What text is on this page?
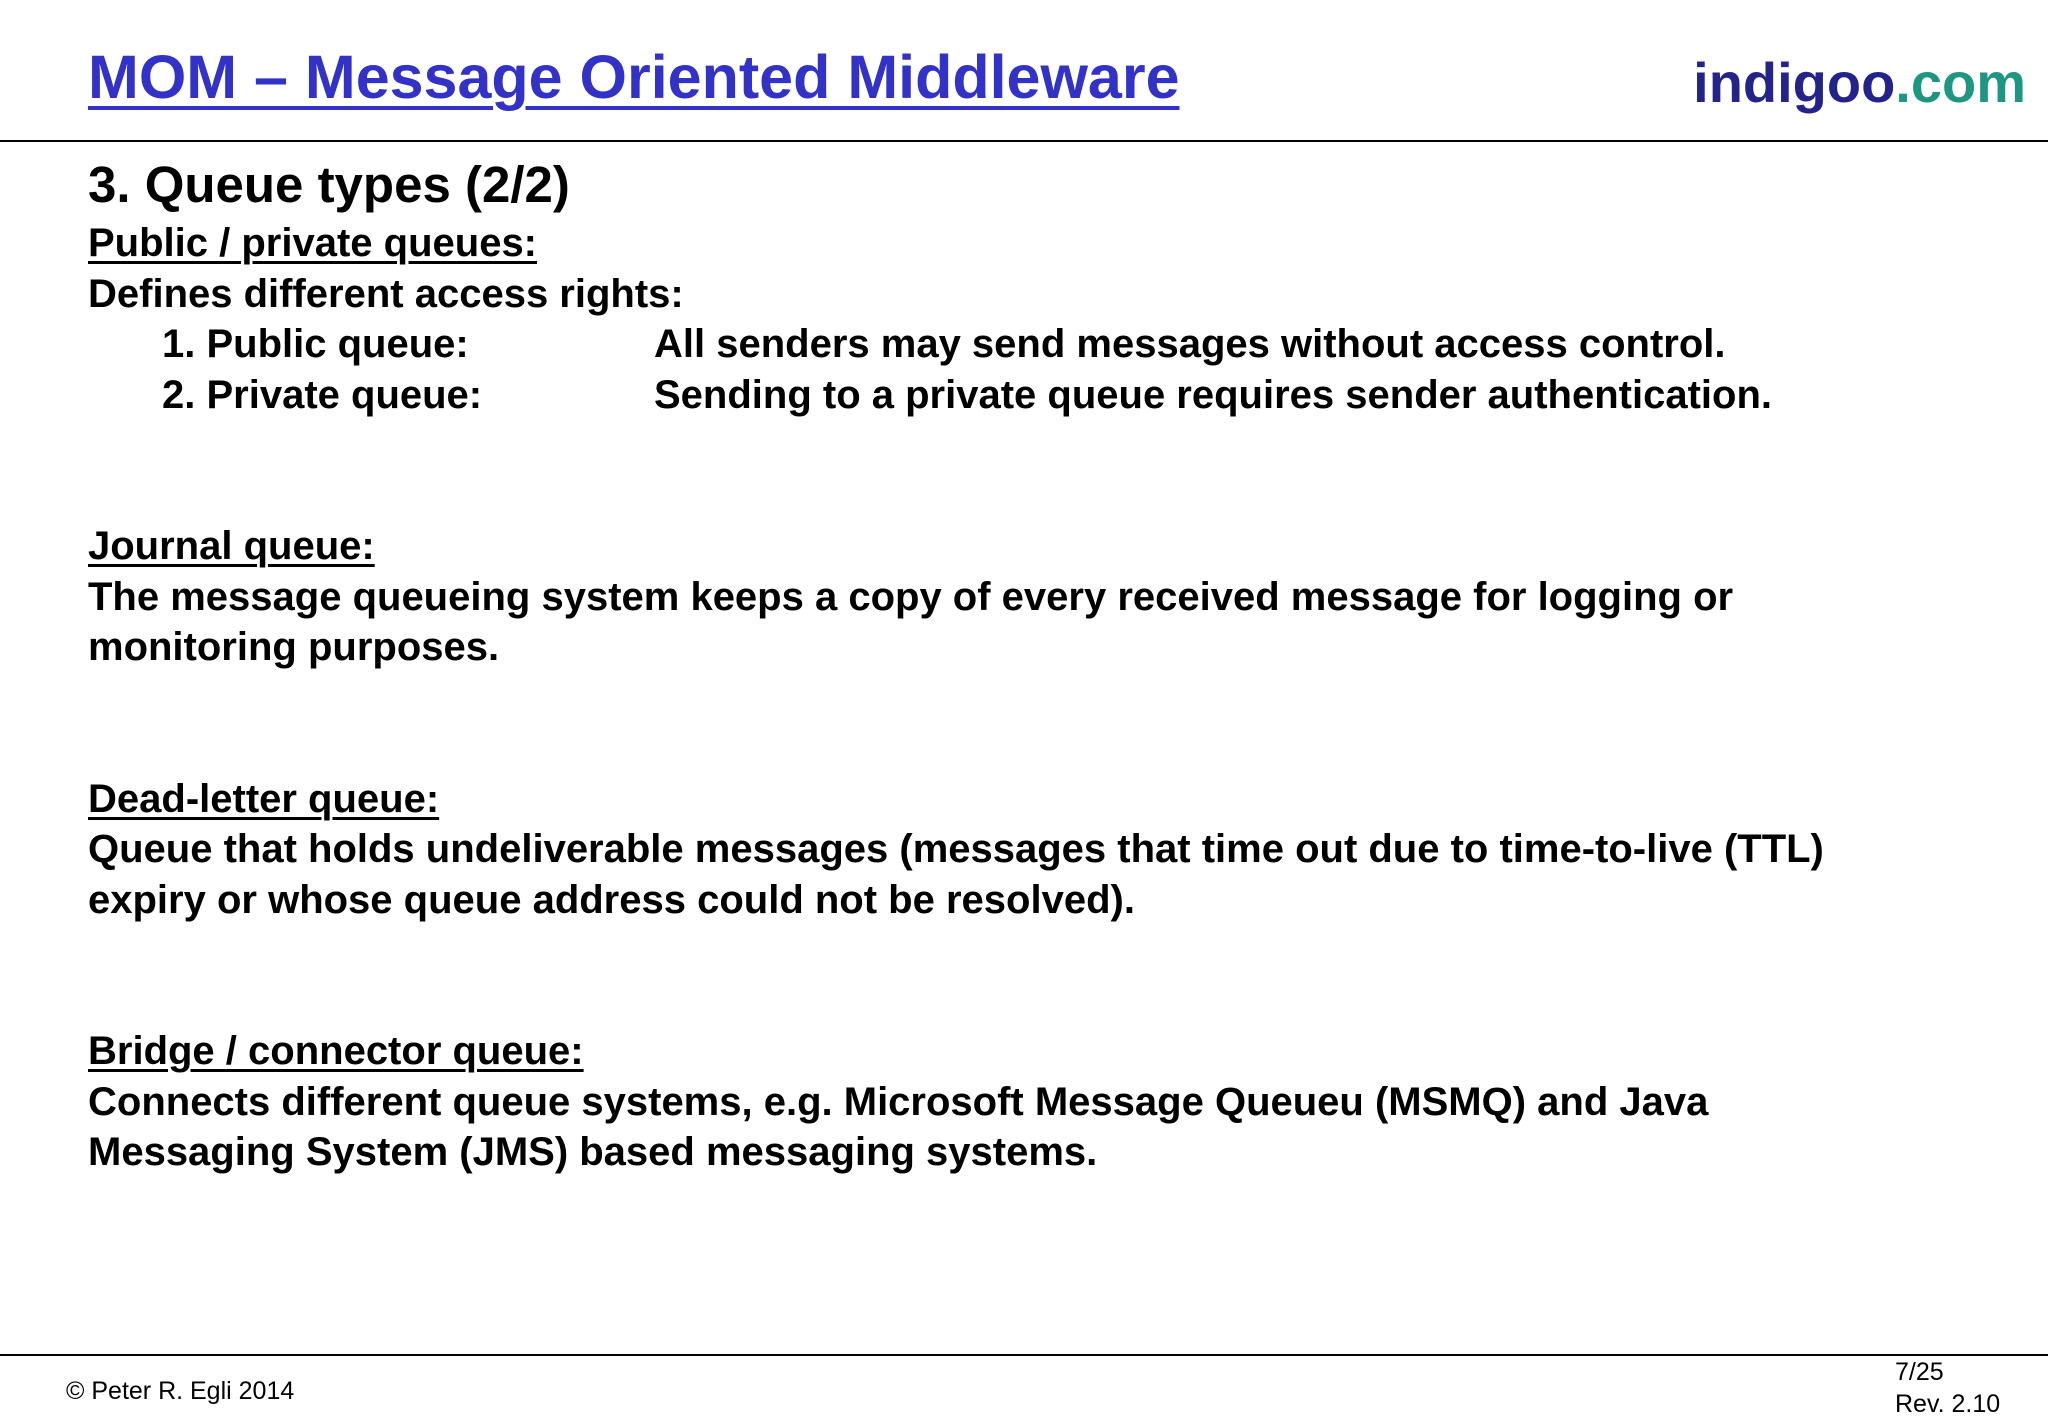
MOM – Message Oriented Middleware	indigoo.com
3. Queue types (2/2)
Public / private queues:
Defines different access rights:
1. Public queue:	All senders may send messages without access control.
2. Private queue:	Sending to a private queue requires sender authentication.
Journal queue:
The message queueing system keeps a copy of every received message for logging or
monitoring purposes.
Dead-letter queue:
Queue that holds undeliverable messages (messages that time out due to time-to-live (TTL)
expiry or whose queue address could not be resolved).
Bridge / connector queue:
Connects different queue systems, e.g. Microsoft Message Queueu (MSMQ) and Java
Messaging System (JMS) based messaging systems.
© Peter R. Egli 2014
7/25
Rev. 2.10
